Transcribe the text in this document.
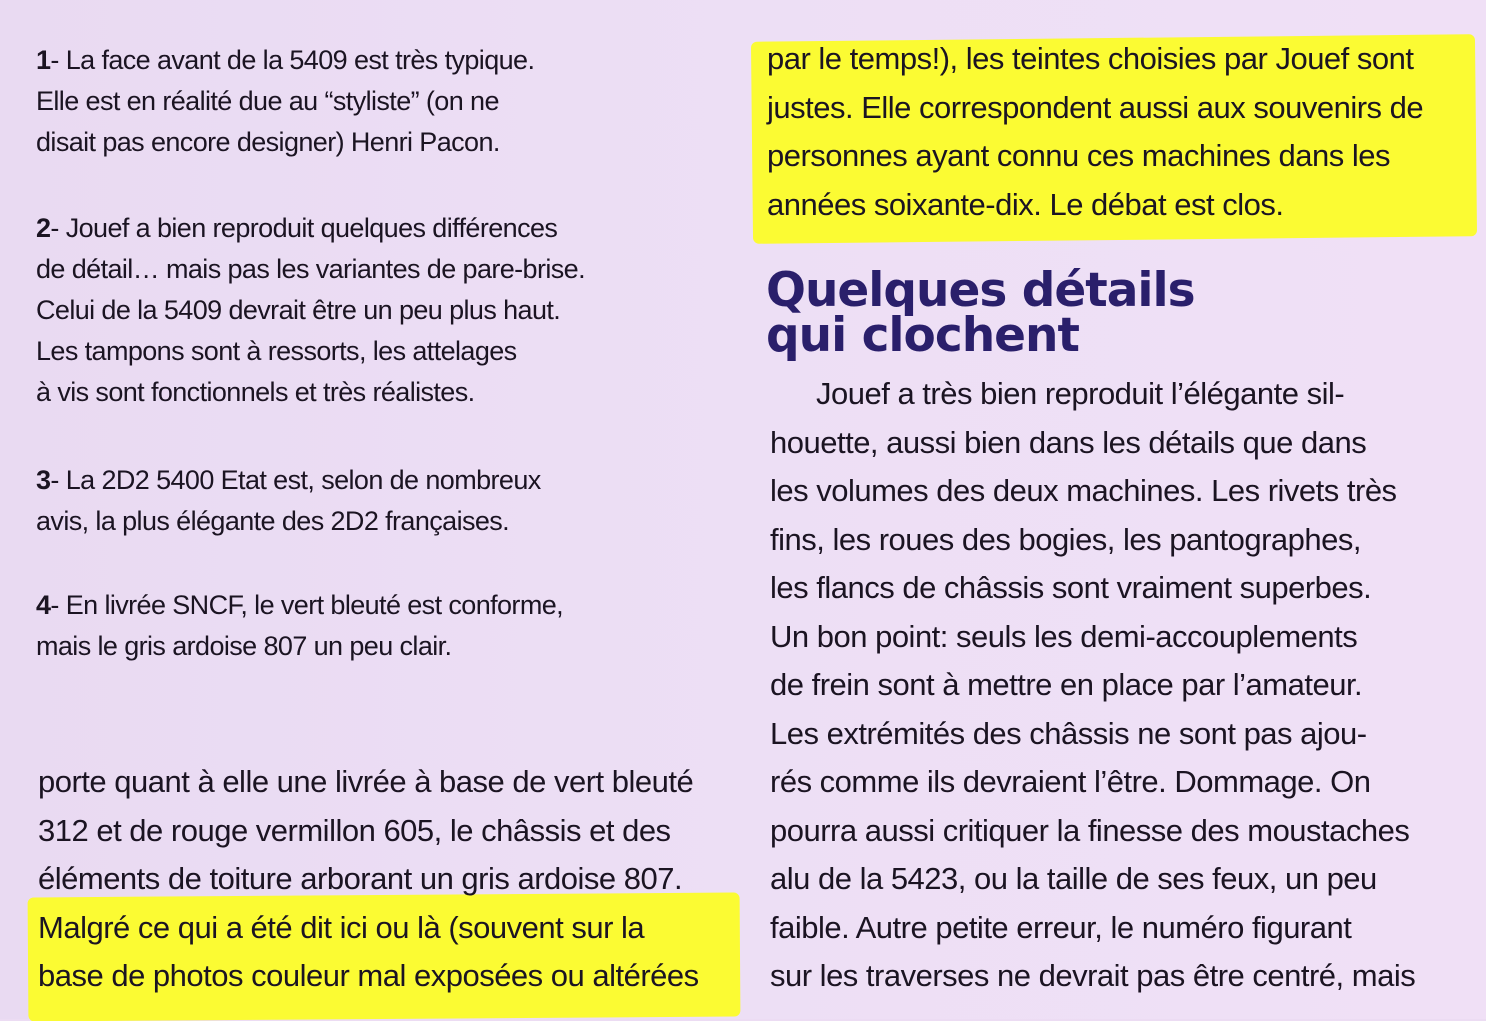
1- La face avant de la 5409 est très typique.
Elle est en réalité due au “styliste” (on ne
disait pas encore designer) Henri Pacon.
2- Jouef a bien reproduit quelques différences
de détail… mais pas les variantes de pare-brise.
Celui de la 5409 devrait être un peu plus haut.
Les tampons sont à ressorts, les attelages
à vis sont fonctionnels et très réalistes.
3- La 2D2 5400 Etat est, selon de nombreux
avis, la plus élégante des 2D2 françaises.
4- En livrée SNCF, le vert bleuté est conforme,
mais le gris ardoise 807 un peu clair.
porte quant à elle une livrée à base de vert bleuté
312 et de rouge vermillon 605, le châssis et des
éléments de toiture arborant un gris ardoise 807.
Malgré ce qui a été dit ici ou là (souvent sur la
base de photos couleur mal exposées ou altérées
par le temps!), les teintes choisies par Jouef sont
justes. Elle correspondent aussi aux souvenirs de
personnes ayant connu ces machines dans les
années soixante-dix. Le débat est clos.
Quelques détails
qui clochent
Jouef a très bien reproduit l’élégante sil-
houette, aussi bien dans les détails que dans
les volumes des deux machines. Les rivets très
fins, les roues des bogies, les pantographes,
les flancs de châssis sont vraiment superbes.
Un bon point: seuls les demi-accouplements
de frein sont à mettre en place par l’amateur.
Les extrémités des châssis ne sont pas ajou-
rés comme ils devraient l’être. Dommage. On
pourra aussi critiquer la finesse des moustaches
alu de la 5423, ou la taille de ses feux, un peu
faible. Autre petite erreur, le numéro figurant
sur les traverses ne devrait pas être centré, mais
